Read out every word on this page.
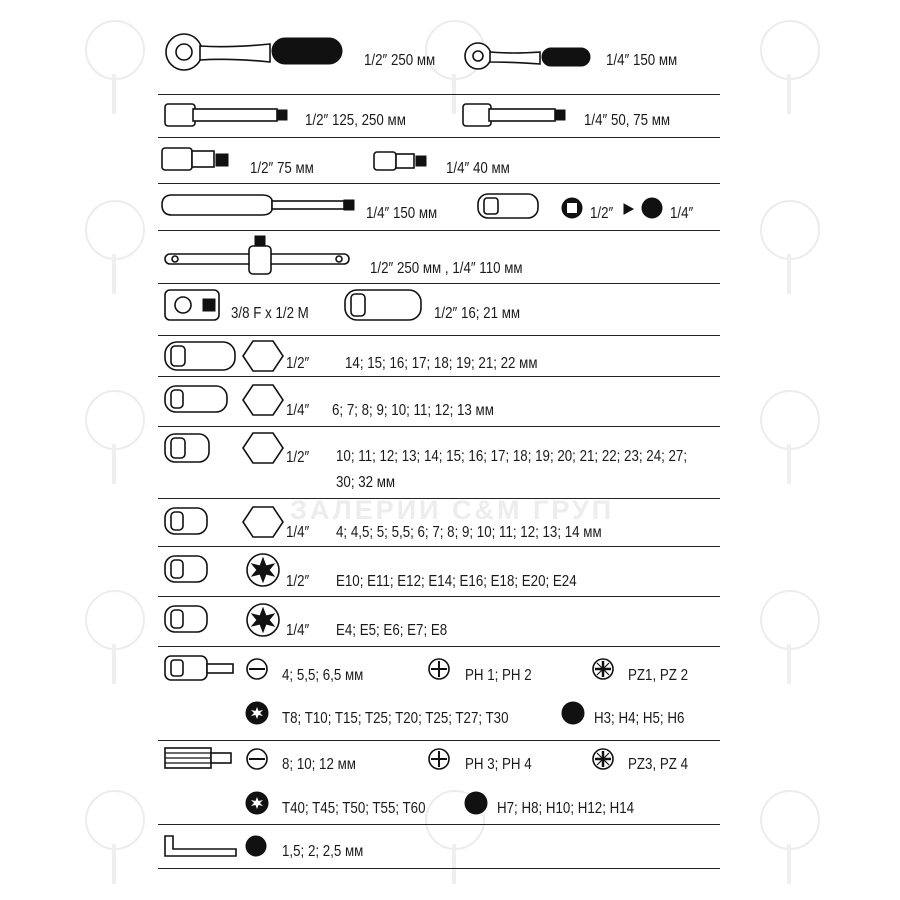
ЗАЛЕРИИ С&М ГРУП
1/2″ 250 мм	1/4″ 150 мм
1/2″ 125, 250 мм	1/4″ 50, 75 мм
1/2″ 75 мм	1/4″ 40 мм
1/4″ 150 мм	1/2″	1/4″
1/2″ 250 мм , 1/4″ 110 мм
3/8 F x 1/2 M	1/2″ 16; 21 мм
1/2″ 14; 15; 16; 17; 18; 19; 21; 22 мм
1/4″ 6; 7; 8; 9; 10; 11; 12; 13 мм
1/2″ 10; 11; 12; 13; 14; 15; 16; 17; 18; 19; 20; 21; 22; 23; 24; 27; 30; 32 мм
1/4″ 4; 4,5; 5; 5,5; 6; 7; 8; 9; 10; 11; 12; 13; 14 мм
1/2″ E10; E11; E12; E14; E16; E18; E20; E24
1/4″ E4; E5; E6; E7; E8
4; 5,5; 6,5 мм	PH 1; PH 2	PZ1, PZ 2
T8; T10; T15; T25; T20; T25; T27; T30	H3; H4; H5; H6
8; 10; 12 мм	PH 3; PH 4	PZ3, PZ 4
T40; T45; T50; T55; T60	H7; H8; H10; H12; H14
1,5; 2; 2,5 мм
